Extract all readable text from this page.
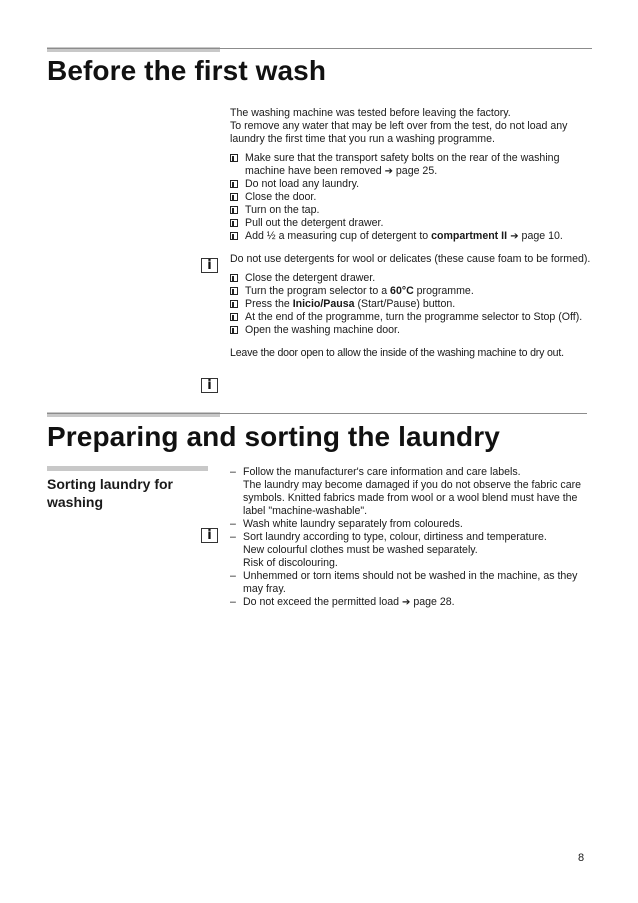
Before the first wash

The washing machine was tested before leaving the factory.
To remove any water that may be left over from the test, do not load any laundry the first time that you run a washing programme.

Make sure that the transport safety bolts on the rear of the washing machine have been removed ➔ page 25.
Do not load any laundry.
Close the door.
Turn on the tap.
Pull out the detergent drawer.
Add ½ a measuring cup of detergent to compartment II ➔ page 10.

Do not use detergents for wool or delicates (these cause foam to be formed).

Close the detergent drawer.
Turn the program selector to a 60°C programme.
Press the Inicio/Pausa (Start/Pause) button.
At the end of the programme, turn the programme selector to Stop (Off).
Open the washing machine door.

Leave the door open to allow the inside of the washing machine to dry out.

i
i
Preparing and sorting the laundry

Sorting laundry for washing

i
– Follow the manufacturer's care information and care labels.
The laundry may become damaged if you do not observe the fabric care symbols. Knitted fabrics made from wool or a wool blend must have the label "machine-washable".
– Wash white laundry separately from coloureds.
– Sort laundry according to type, colour, dirtiness and temperature.
New colourful clothes must be washed separately.
Risk of discolouring.
– Unhemmed or torn items should not be washed in the machine, as they may fray.
– Do not exceed the permitted load ➔ page 28.
8
